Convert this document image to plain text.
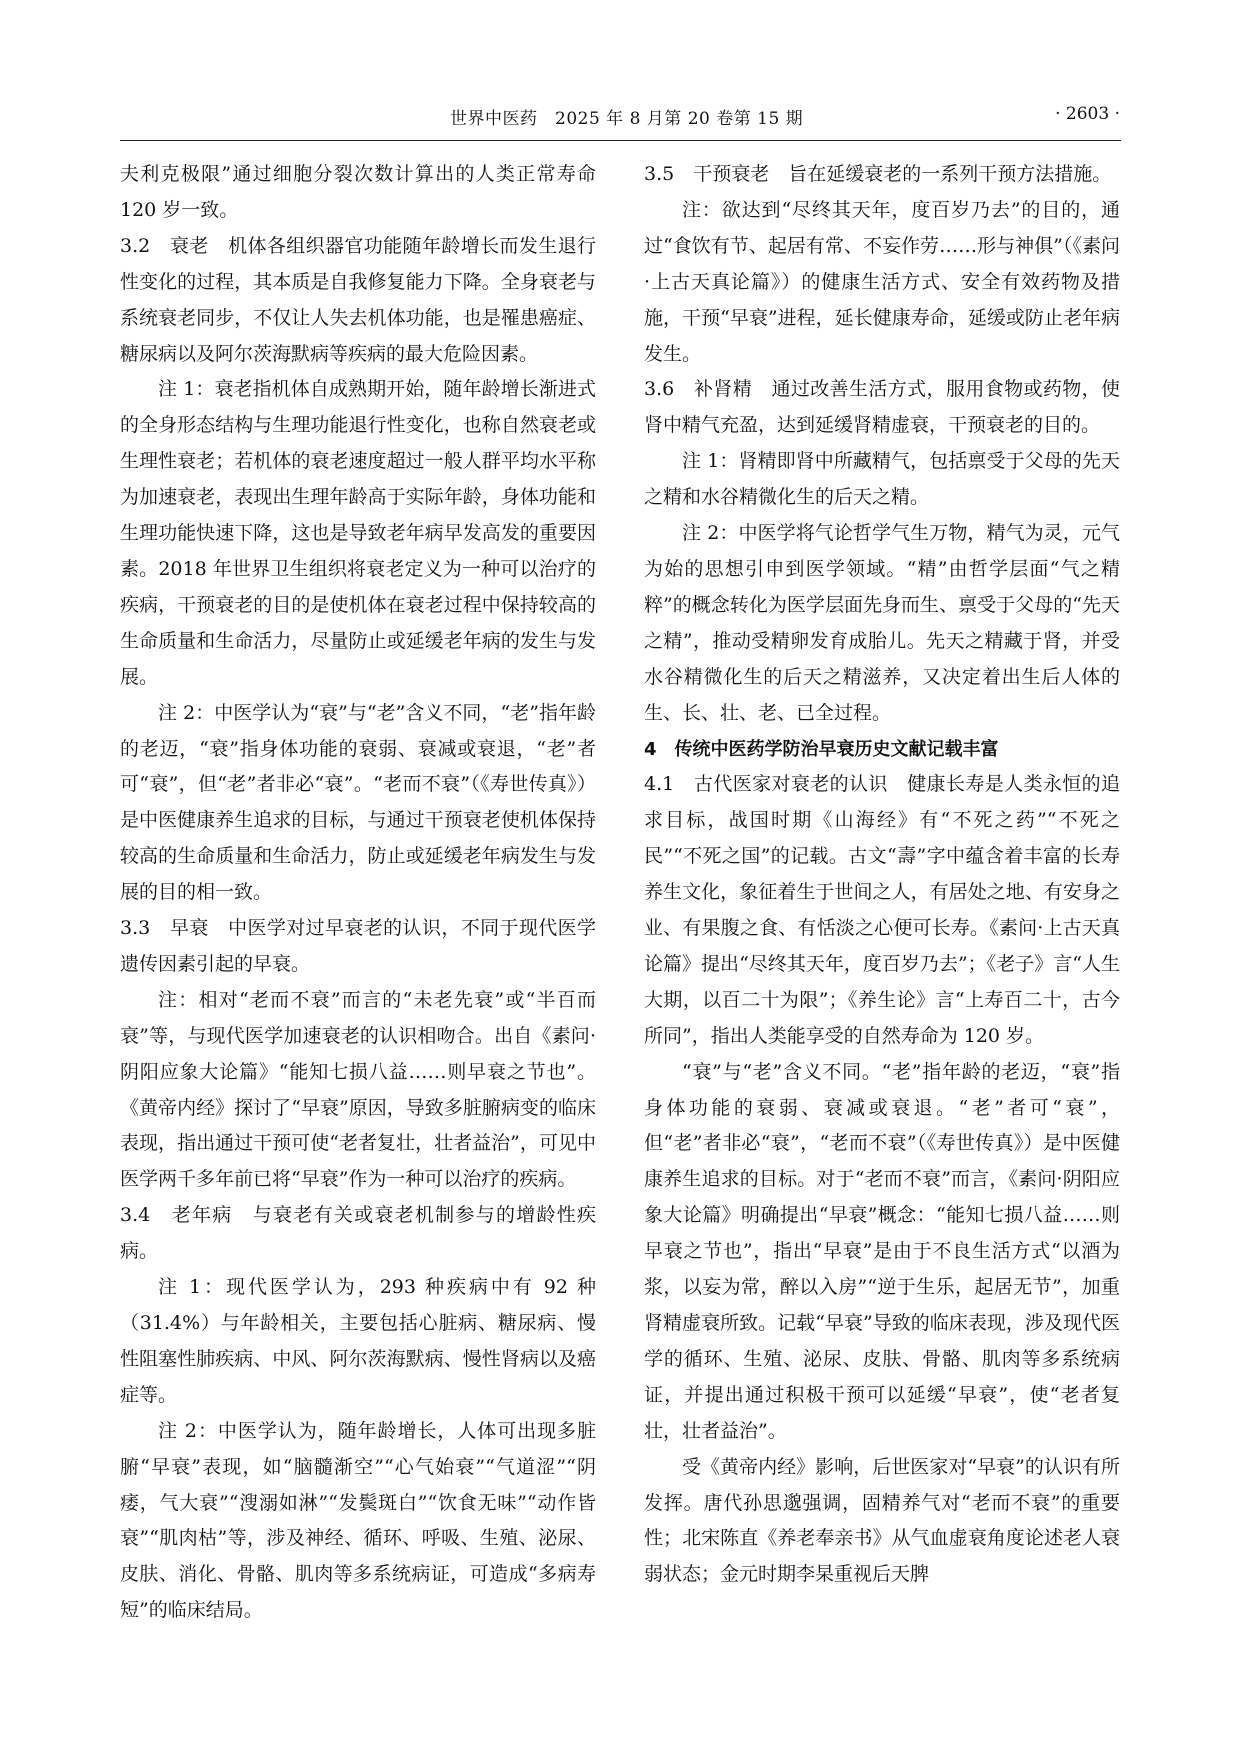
世界中医药　2025 年 8 月第 20 卷第 15 期	· 2603 ·

夫利克极限”通过细胞分裂次数计算出的人类正常寿命 120 岁一致。

3.2　衰老　机体各组织器官功能随年龄增长而发生退行性变化的过程，其本质是自我修复能力下降。全身衰老与系统衰老同步，不仅让人失去机体功能，也是罹患癌症、糖尿病以及阿尔茨海默病等疾病的最大危险因素。

注 1：衰老指机体自成熟期开始，随年龄增长渐进式的全身形态结构与生理功能退行性变化，也称自然衰老或生理性衰老；若机体的衰老速度超过一般人群平均水平称为加速衰老，表现出生理年龄高于实际年龄，身体功能和生理功能快速下降，这也是导致老年病早发高发的重要因素。2018 年世界卫生组织将衰老定义为一种可以治疗的疾病，干预衰老的目的是使机体在衰老过程中保持较高的生命质量和生命活力，尽量防止或延缓老年病的发生与发展。

注 2：中医学认为“衰”与“老”含义不同，“老”指年龄的老迈，“衰”指身体功能的衰弱、衰减或衰退，“老”者可“衰”，但“老”者非必“衰”。“老而不衰”（《寿世传真》）是中医健康养生追求的目标，与通过干预衰老使机体保持较高的生命质量和生命活力，防止或延缓老年病发生与发展的目的相一致。

3.3　早衰　中医学对过早衰老的认识，不同于现代医学遗传因素引起的早衰。

注：相对“老而不衰”而言的“未老先衰”或“半百而衰”等，与现代医学加速衰老的认识相吻合。出自《素问·阴阳应象大论篇》“能知七损八益……则早衰之节也”。《黄帝内经》探讨了“早衰”原因，导致多脏腑病变的临床表现，指出通过干预可使“老者复壮，壮者益治”，可见中医学两千多年前已将“早衰”作为一种可以治疗的疾病。

3.4　老年病　与衰老有关或衰老机制参与的增龄性疾病。

注 1：现代医学认为，293 种疾病中有 92 种（31.4%）与年龄相关，主要包括心脏病、糖尿病、慢性阻塞性肺疾病、中风、阿尔茨海默病、慢性肾病以及癌症等。

注 2：中医学认为，随年龄增长，人体可出现多脏腑“早衰”表现，如“脑髓渐空”“心气始衰”“气道涩”“阴痿，气大衰”“溲溺如淋”“发鬓斑白”“饮食无味”“动作皆衰”“肌肉枯”等，涉及神经、循环、呼吸、生殖、泌尿、皮肤、消化、骨骼、肌肉等多系统病证，可造成“多病寿短”的临床结局。

3.5　干预衰老　旨在延缓衰老的一系列干预方法措施。

注：欲达到“尽终其天年，度百岁乃去”的目的，通过“食饮有节、起居有常、不妄作劳……形与神俱”（《素问·上古天真论篇》）的健康生活方式、安全有效药物及措施，干预“早衰”进程，延长健康寿命，延缓或防止老年病发生。

3.6　补肾精　通过改善生活方式，服用食物或药物，使肾中精气充盈，达到延缓肾精虚衰，干预衰老的目的。

注 1：肾精即肾中所藏精气，包括禀受于父母的先天之精和水谷精微化生的后天之精。

注 2：中医学将气论哲学气生万物，精气为灵，元气为始的思想引申到医学领域。“精”由哲学层面“气之精粹”的概念转化为医学层面先身而生、禀受于父母的“先天之精”，推动受精卵发育成胎儿。先天之精藏于肾，并受水谷精微化生的后天之精滋养，又决定着出生后人体的生、长、壮、老、已全过程。

4　传统中医药学防治早衰历史文献记载丰富

4.1　古代医家对衰老的认识　健康长寿是人类永恒的追求目标，战国时期《山海经》有“不死之药”“不死之民”“不死之国”的记载。古文“壽”字中蕴含着丰富的长寿养生文化，象征着生于世间之人，有居处之地、有安身之业、有果腹之食、有恬淡之心便可长寿。《素问·上古天真论篇》提出“尽终其天年，度百岁乃去”；《老子》言“人生大期，以百二十为限”；《养生论》言“上寿百二十，古今所同”，指出人类能享受的自然寿命为 120 岁。

“衰”与“老”含义不同。“老”指年龄的老迈，“衰”指身体功能的衰弱、衰减或衰退。“老”者可“衰”，但“老”者非必“衰”，“老而不衰”（《寿世传真》）是中医健康养生追求的目标。对于“老而不衰”而言，《素问·阴阳应象大论篇》明确提出“早衰”概念：“能知七损八益……则早衰之节也”，指出“早衰”是由于不良生活方式“以酒为浆，以妄为常，醉以入房”“逆于生乐，起居无节”，加重肾精虚衰所致。记载“早衰”导致的临床表现，涉及现代医学的循环、生殖、泌尿、皮肤、骨骼、肌肉等多系统病证，并提出通过积极干预可以延缓“早衰”，使“老者复壮，壮者益治”。

受《黄帝内经》影响，后世医家对“早衰”的认识有所发挥。唐代孙思邈强调，固精养气对“老而不衰”的重要性；北宋陈直《养老奉亲书》从气血虚衰角度论述老人衰弱状态；金元时期李杲重视后天脾
